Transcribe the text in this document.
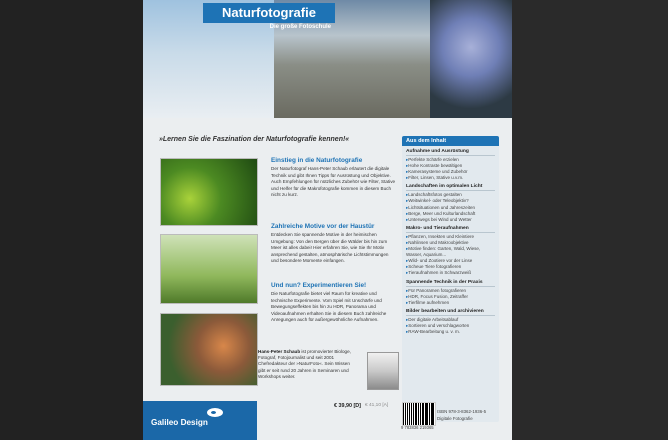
Naturfotografie
Die große Fotoschule
»Lernen Sie die Faszination der Naturfotografie kennen!«
Einstieg in die Naturfotografie
Der Naturfotograf Hans-Peter Schaub erläutert die digitale Technik und gibt Ihnen Tipps für Ausrüstung und Objektive. Auch Empfehlungen für nützliches Zubehör wie Filter, Stative und Helfer für die Makrofotografie kommen in diesem Buch nicht zu kurz.
Zahlreiche Motive vor der Haustür
Entdecken Sie spannende Motive in der heimischen Umgebung: Von den Bergen über die Wälder bis hin zum Meer ist alles dabei! Hier erfahren Sie, wie Sie Ihr Motiv ansprechend gestalten, atmosphärische Lichtstimmungen und besondere Momente einfangen.
Und nun? Experimentieren Sie!
Die Naturfotografie bietet viel Raum für kreative und technische Experimente. Vom Spiel mit Unschärfe und Bewegungseffekten bis hin zu HDR, Panorama und Videoaufnahmen erhalten Sie in diesem Buch zahlreiche Anregungen auch für außergewöhnliche Aufnahmen.
Hans-Peter Schaub ist promovierter Biologe, Fotograf, Fotojournalist und seit 2001 Chefredakteur der »NaturFoto«. Sein Wissen gibt er seit rund 20 Jahren in Seminaren und Workshops weiter.
Aus dem Inhalt
Aufnahme und Ausrüstung
▸ Perfekte Schärfe erzielen
▸ Hohe Kontraste bewältigen
▸ Kamerasysteme und Zubehör
▸ Filter, Linsen, Stative u.v.m.
Landschaften im optimalen Licht
▸ Landschaftsfotos gestalten
▸ Weitwinkel- oder Teleobjektiv?
▸ Lichtsituationen und Jahreszeiten
▸ Berge, Meer und Kulturlandschaft
▸ Unterwegs bei Wind und Wetter
Makro- und Tieraufnahmen
▸ Pflanzen, Insekten und Kleintiere
▸ Nahlinsen und Makroobjektive
▸ Motive finden: Garten, Wald, Wiese, Wasser, Aquarium...
▸ Wild- und Zootiere vor der Linse
▸ Scheue Tiere fotografieren
▸ Tieraufnahmen in Schwarzweiß
Spannende Technik in der Praxis
▸ Für Panoramen fotografieren
▸ HDR, Focus Fusion, Zeitraffer
▸ Tierfilme aufnehmen
Bilder bearbeiten und archivieren
▸ Der digitale Arbeitsablauf
▸ Sortieren und verschlagworten
▸ RAW-Bearbeitung u. v. m.
Galileo Design
€ 39,90 [D] € 41,10 [A]
ISBN 978-3-8362-1936-5
Digitale Fotografie
9 783836 219365
